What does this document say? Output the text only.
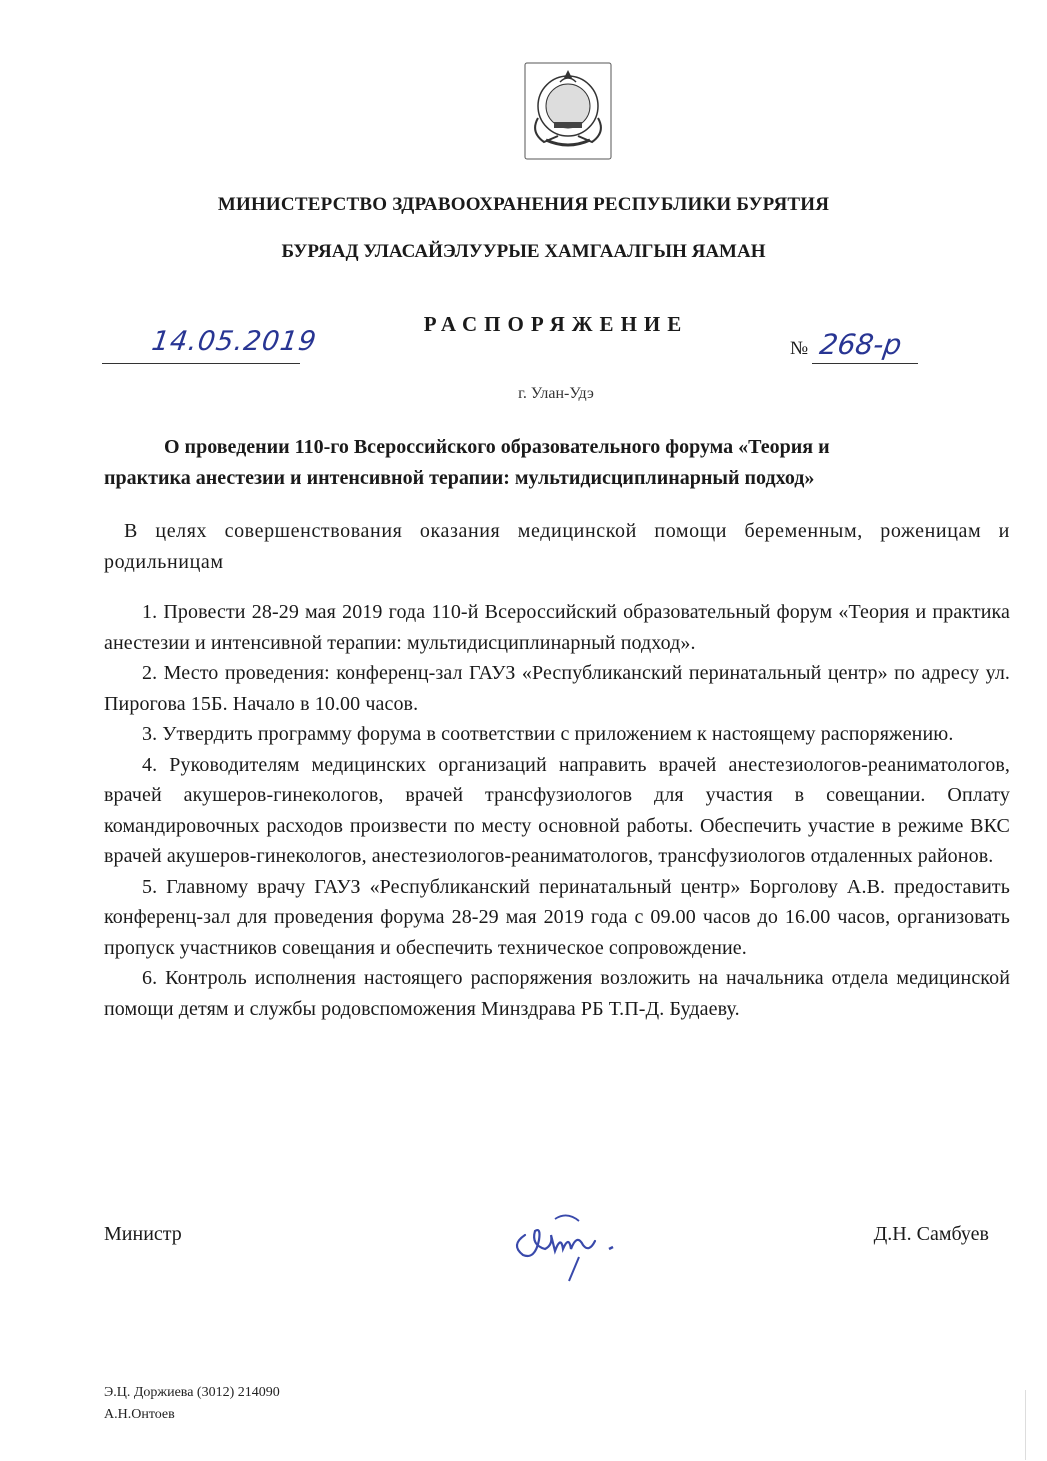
МИНИСТЕРСТВО ЗДРАВООХРАНЕНИЯ РЕСПУБЛИКИ БУРЯТИЯ
БУРЯАД УЛАСАЙЭЛУУРЫЕ ХАМГААЛГЫН ЯАМАН
РАСПОРЯЖЕНИЕ
14.05.2019	№ 268-р
г. Улан-Удэ
О проведении 110-го Всероссийского образовательного форума «Теория и
практика анестезии и интенсивной терапии: мультидисциплинарный подход»
В целях совершенствования оказания медицинской помощи беременным, роженицам и родильницам

1. Провести 28-29 мая 2019 года 110-й Всероссийский образовательный форум «Теория и практика анестезии и интенсивной терапии: мультидисциплинарный подход».

2. Место проведения: конференц-зал ГАУЗ «Республиканский перинатальный центр» по адресу ул. Пирогова 15Б. Начало в 10.00 часов.

3. Утвердить программу форума в соответствии с приложением к настоящему распоряжению.

4. Руководителям медицинских организаций направить врачей анестезиологов-реаниматологов, врачей акушеров-гинекологов, врачей трансфузиологов для участия в совещании. Оплату командировочных расходов произвести по месту основной работы. Обеспечить участие в режиме ВКС врачей акушеров-гинекологов, анестезиологов-реаниматологов, трансфузиологов отдаленных районов.

5. Главному врачу ГАУЗ «Республиканский перинатальный центр» Борголову А.В. предоставить конференц-зал для проведения форума 28-29 мая 2019 года с 09.00 часов до 16.00 часов, организовать пропуск участников совещания и обеспечить техническое сопровождение.

6. Контроль исполнения настоящего распоряжения возложить на начальника отдела медицинской помощи детям и службы родовспоможения Минздрава РБ Т.П-Д. Будаеву.

Министр	Д.Н. Самбуев
Э.Ц. Доржиева (3012) 214090
А.Н.Онтоев
